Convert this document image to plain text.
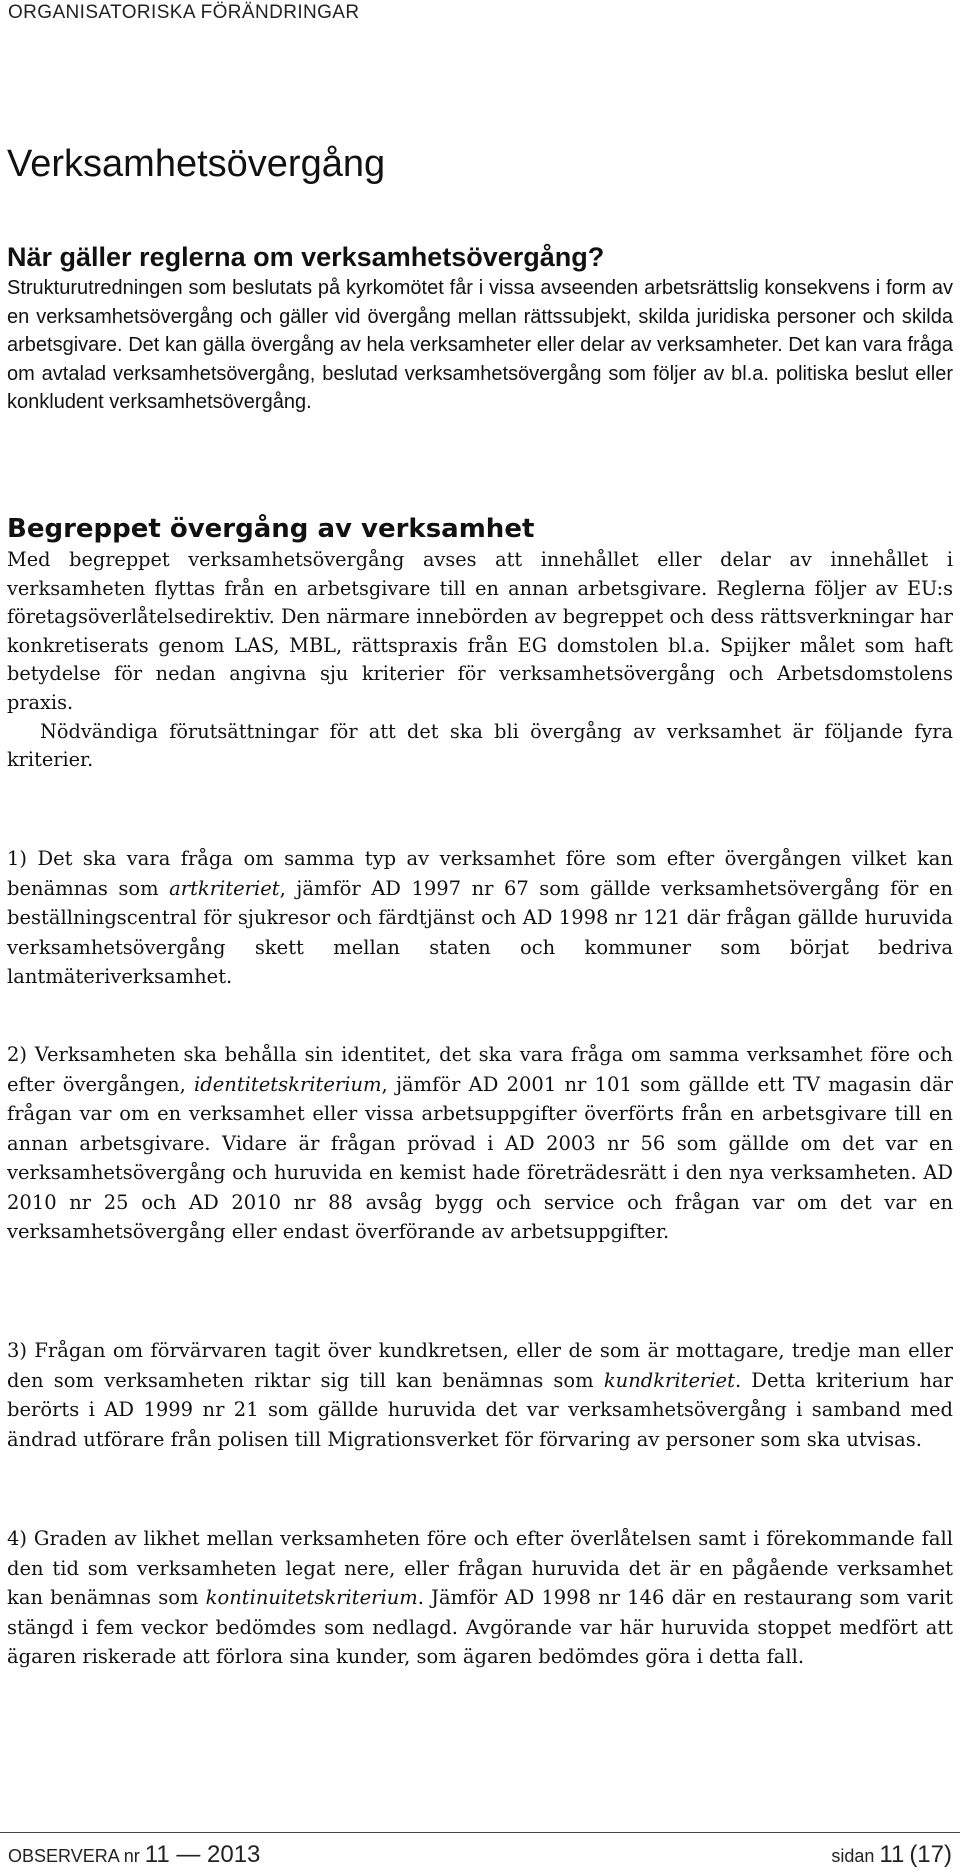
ORGANISATORISKA FÖRÄNDRINGAR
Verksamhetsövergång
När gäller reglerna om verksamhetsövergång?

Strukturutredningen som beslutats på kyrkomötet får i vissa avseenden arbetsrättslig konsekvens i form av en verksamhetsövergång och gäller vid övergång mellan rättssubjekt, skilda juridiska personer och skilda arbetsgivare. Det kan gälla övergång av hela verksamheter eller delar av verksamheter. Det kan vara fråga om avtalad verksamhetsövergång, beslutad verksamhetsövergång som följer av bl.a. politiska beslut eller konkludent verksamhetsövergång.

Begreppet övergång av verksamhet

Med begreppet verksamhetsövergång avses att innehållet eller delar av innehållet i verksamheten flyttas från en arbetsgivare till en annan arbetsgivare. Reglerna följer av EU:s företagsöverlåtelsedirektiv. Den närmare innebörden av begreppet och dess rättsverkningar har konkretiserats genom LAS, MBL, rättspraxis från EG domstolen bl.a. Spijker målet som haft betydelse för nedan angivna sju kriterier för verksamhetsövergång och Arbetsdomstolens praxis.

Nödvändiga förutsättningar för att det ska bli övergång av verksamhet är följande fyra kriterier.

1) Det ska vara fråga om samma typ av verksamhet före som efter övergången vilket kan benämnas som artkriteriet, jämför AD 1997 nr 67 som gällde verksamhetsövergång för en beställningscentral för sjukresor och färdtjänst och AD 1998 nr 121 där frågan gällde huruvida verksamhetsövergång skett mellan staten och kommuner som börjat bedriva lantmäteriverksamhet.

2) Verksamheten ska behålla sin identitet, det ska vara fråga om samma verksamhet före och efter övergången, identitetskriterium, jämför AD 2001 nr 101 som gällde ett TV magasin där frågan var om en verksamhet eller vissa arbetsuppgifter överförts från en arbetsgivare till en annan arbetsgivare. Vidare är frågan prövad i AD 2003 nr 56 som gällde om det var en verksamhetsövergång och huruvida en kemist hade företrädesrätt i den nya verksamheten. AD 2010 nr 25 och AD 2010 nr 88 avsåg bygg och service och frågan var om det var en verksamhetsövergång eller endast överförande av arbetsuppgifter.

3) Frågan om förvärvaren tagit över kundkretsen, eller de som är mottagare, tredje man eller den som verksamheten riktar sig till kan benämnas som kundkriteriet. Detta kriterium har berörts i AD 1999 nr 21 som gällde huruvida det var verksamhetsövergång i samband med ändrad utförare från polisen till Migrationsverket för förvaring av personer som ska utvisas.

4) Graden av likhet mellan verksamheten före och efter överlåtelsen samt i förekommande fall den tid som verksamheten legat nere, eller frågan huruvida det är en pågående verksamhet kan benämnas som kontinuitetskriterium. Jämför AD 1998 nr 146 där en restaurang som varit stängd i fem veckor bedömdes som nedlagd. Avgörande var här huruvida stoppet medfört att ägaren riskerade att förlora sina kunder, som ägaren bedömdes göra i detta fall.

OBSERVERA nr 11 — 2013	sidan 11 (17)
